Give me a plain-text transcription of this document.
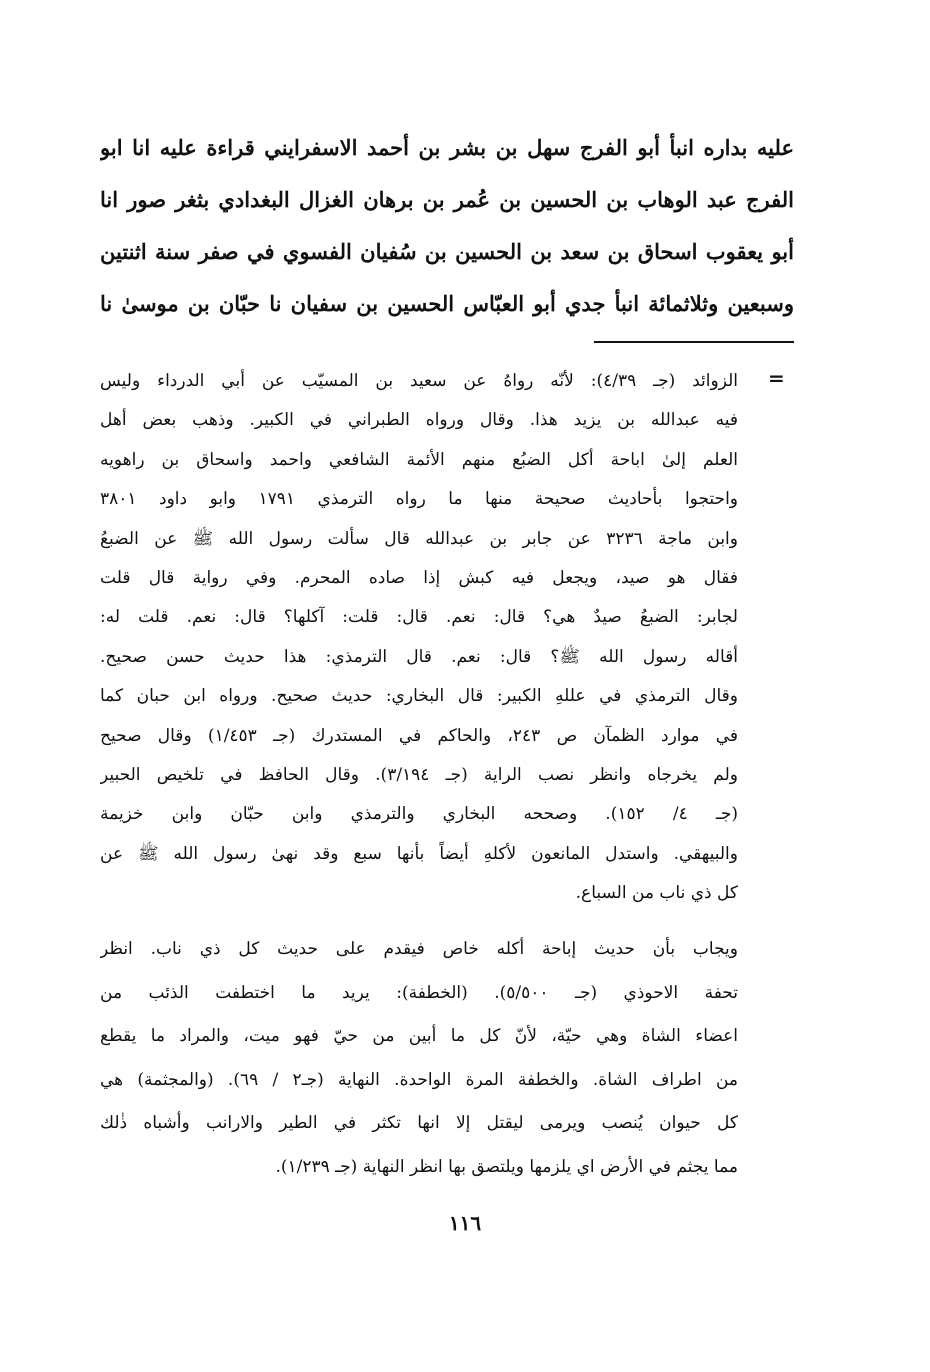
عليه بداره انبأ أبو الفرج سهل بن بشر بن أحمد الاسفرايني قراءة عليه انا ابو
الفرج عبد الوهاب بن الحسين بن عُمر بن برهان الغزال البغدادي بثغر صور انا
أبو يعقوب اسحاق بن سعد بن الحسين بن سُفيان الفسوي في صفر سنة اثنتين
وسبعين وثلاثمائة انبأ جدي أبو العبّاس الحسين بن سفيان نا حبّان بن موسىٰ نا
=
الزوائد (جـ ٤/٣٩): لأنّه رواهُ عن سعيد بن المسيّب عن أبي الدرداء وليس
فيه عبدالله بن يزيد هذا. وقال ورواه الطبراني في الكبير. وذهب بعض أهل
العلم إلىٰ اباحة أكل الضبُع منهم الأئمة الشافعي واحمد واسحاق بن راهويه
واحتجوا بأحاديث صحيحة منها ما رواه الترمذي ١٧٩١ وابو داود ٣٨٠١
وابن ماجة ٣٢٣٦ عن جابر بن عبدالله قال سألت رسول الله ﷺ عن الضبعُ
فقال هو صيد، ويجعل فيه كبش إذا صاده المحرم. وفي رواية قال قلت
لجابر: الضبعُ صيدٌ هي؟ قال: نعم. قال: قلت: آكلها؟ قال: نعم. قلت له:
أقاله رسول الله ﷺ؟ قال: نعم. قال الترمذي: هذا حديث حسن صحيح.
وقال الترمذي في عللهِ الكبير: قال البخاري: حديث صحيح. ورواه ابن حبان كما
في موارد الظمآن ص ٢٤٣، والحاكم في المستدرك (جـ ١/٤٥٣) وقال صحيح
ولم يخرجاه وانظر نصب الراية (جـ ٣/١٩٤). وقال الحافظ في تلخيص الحبير
(جـ ٤/ ١٥٢). وصححه البخاري والترمذي وابن حبّان وابن خزيمة
والبيهقي. واستدل المانعون لأكلهِ أيضاً بأنها سبع وقد نهىٰ رسول الله ﷺ عن
كل ذي ناب من السباع.
ويجاب بأن حديث إباحة أكله خاص فيقدم على حديث كل ذي ناب. انظر
تحفة الاحوذي (جـ ٥/٥٠٠). (الخطفة): يريد ما اختطفت الذئب من
اعضاء الشاة وهي حيّة، لأنّ كل ما أبين من حيّ فهو ميت، والمراد ما يقطع
من اطراف الشاة. والخطفة المرة الواحدة. النهاية (جـ٢ / ٦٩). (والمجثمة) هي
كل حيوان يُنصب ويرمى ليقتل إلا انها تكثر في الطير والارانب وأشباه ذٰلك
مما يجثم في الأرض اي يلزمها ويلتصق بها انظر النهاية (جـ ١/٢٣٩).
١١٦
